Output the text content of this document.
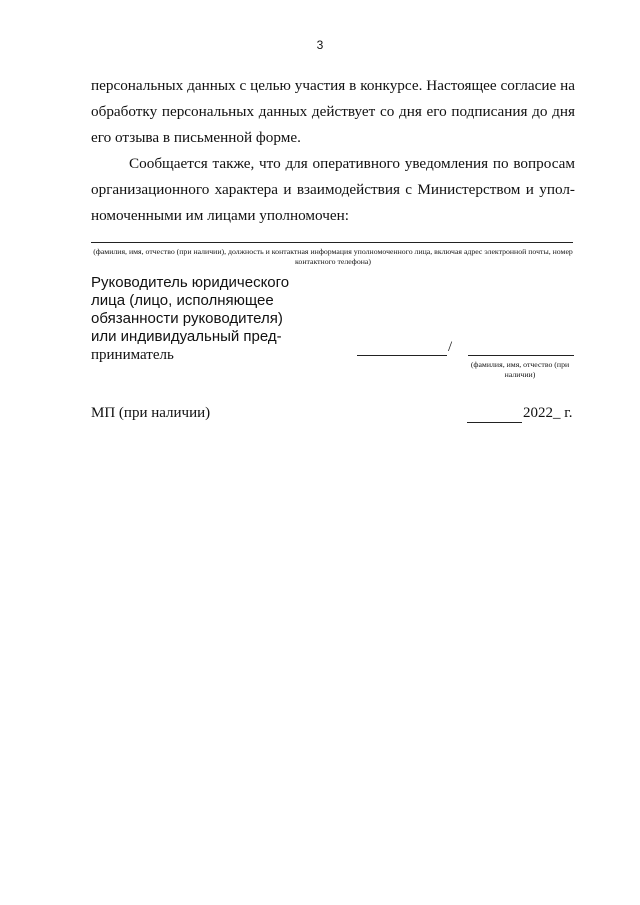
3
персональных данных с целью участия в конкурсе. Настоящее согласие на обработку персональных данных действует со дня его подписания до дня его отзыва в письменной форме.
Сообщается также, что для оперативного уведомления по вопросам организационного характера и взаимодействия с Министерством и упол-номоченными им лицами уполномочен:
(фамилия, имя, отчество (при наличии), должность и контактная информация уполномоченного лица, включая адрес электронной почты, номер контактного телефона)
Руководитель юридического
лица (лицо, исполняющее
обязанности руководителя)
или индивидуальный пред-
приниматель	/
(фамилия, имя, отчество (при наличии)
МП (при наличии)	2022_ г.
